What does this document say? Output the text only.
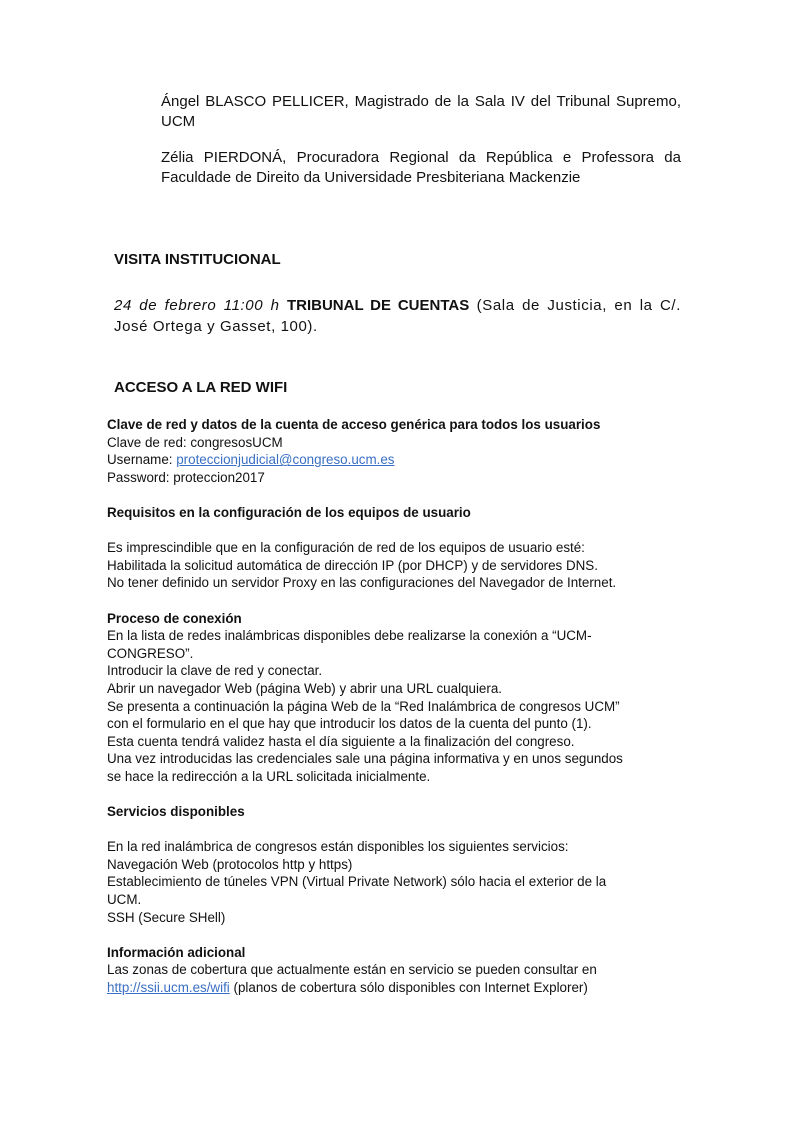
Ángel BLASCO PELLICER, Magistrado de la Sala IV del Tribunal Supremo, UCM

Zélia PIERDONÁ, Procuradora Regional da República e Professora da Faculdade de Direito da Universidade Presbiteriana Mackenzie

VISITA INSTITUCIONAL
24 de febrero 11:00 h TRIBUNAL DE CUENTAS (Sala de Justicia, en la C/. José Ortega y Gasset, 100).
ACCESO A LA RED WIFI
Clave de red y datos de la cuenta de acceso genérica para todos los usuarios
Clave de red: congresosUCM
Username: proteccionjudicial@congreso.ucm.es
Password: proteccion2017
Requisitos en la configuración de los equipos de usuario
Es imprescindible que en la configuración de red de los equipos de usuario esté:
Habilitada la solicitud automática de dirección IP (por DHCP) y de servidores DNS.
No tener definido un servidor Proxy en las configuraciones del Navegador de Internet.
Proceso de conexión
En la lista de redes inalámbricas disponibles debe realizarse la conexión a “UCM-
CONGRESO”.
Introducir la clave de red y conectar.
Abrir un navegador Web (página Web) y abrir una URL cualquiera.
Se presenta a continuación la página Web de la “Red Inalámbrica de congresos UCM”
con el formulario en el que hay que introducir los datos de la cuenta del punto (1).
Esta cuenta tendrá validez hasta el día siguiente a la finalización del congreso.
Una vez introducidas las credenciales sale una página informativa y en unos segundos
se hace la redirección a la URL solicitada inicialmente.
Servicios disponibles
En la red inalámbrica de congresos están disponibles los siguientes servicios:
Navegación Web (protocolos http y https)
Establecimiento de túneles VPN (Virtual Private Network) sólo hacia el exterior de la
UCM.
SSH (Secure SHell)
Información adicional
Las zonas de cobertura que actualmente están en servicio se pueden consultar en
http://ssii.ucm.es/wifi (planos de cobertura sólo disponibles con Internet Explorer)
